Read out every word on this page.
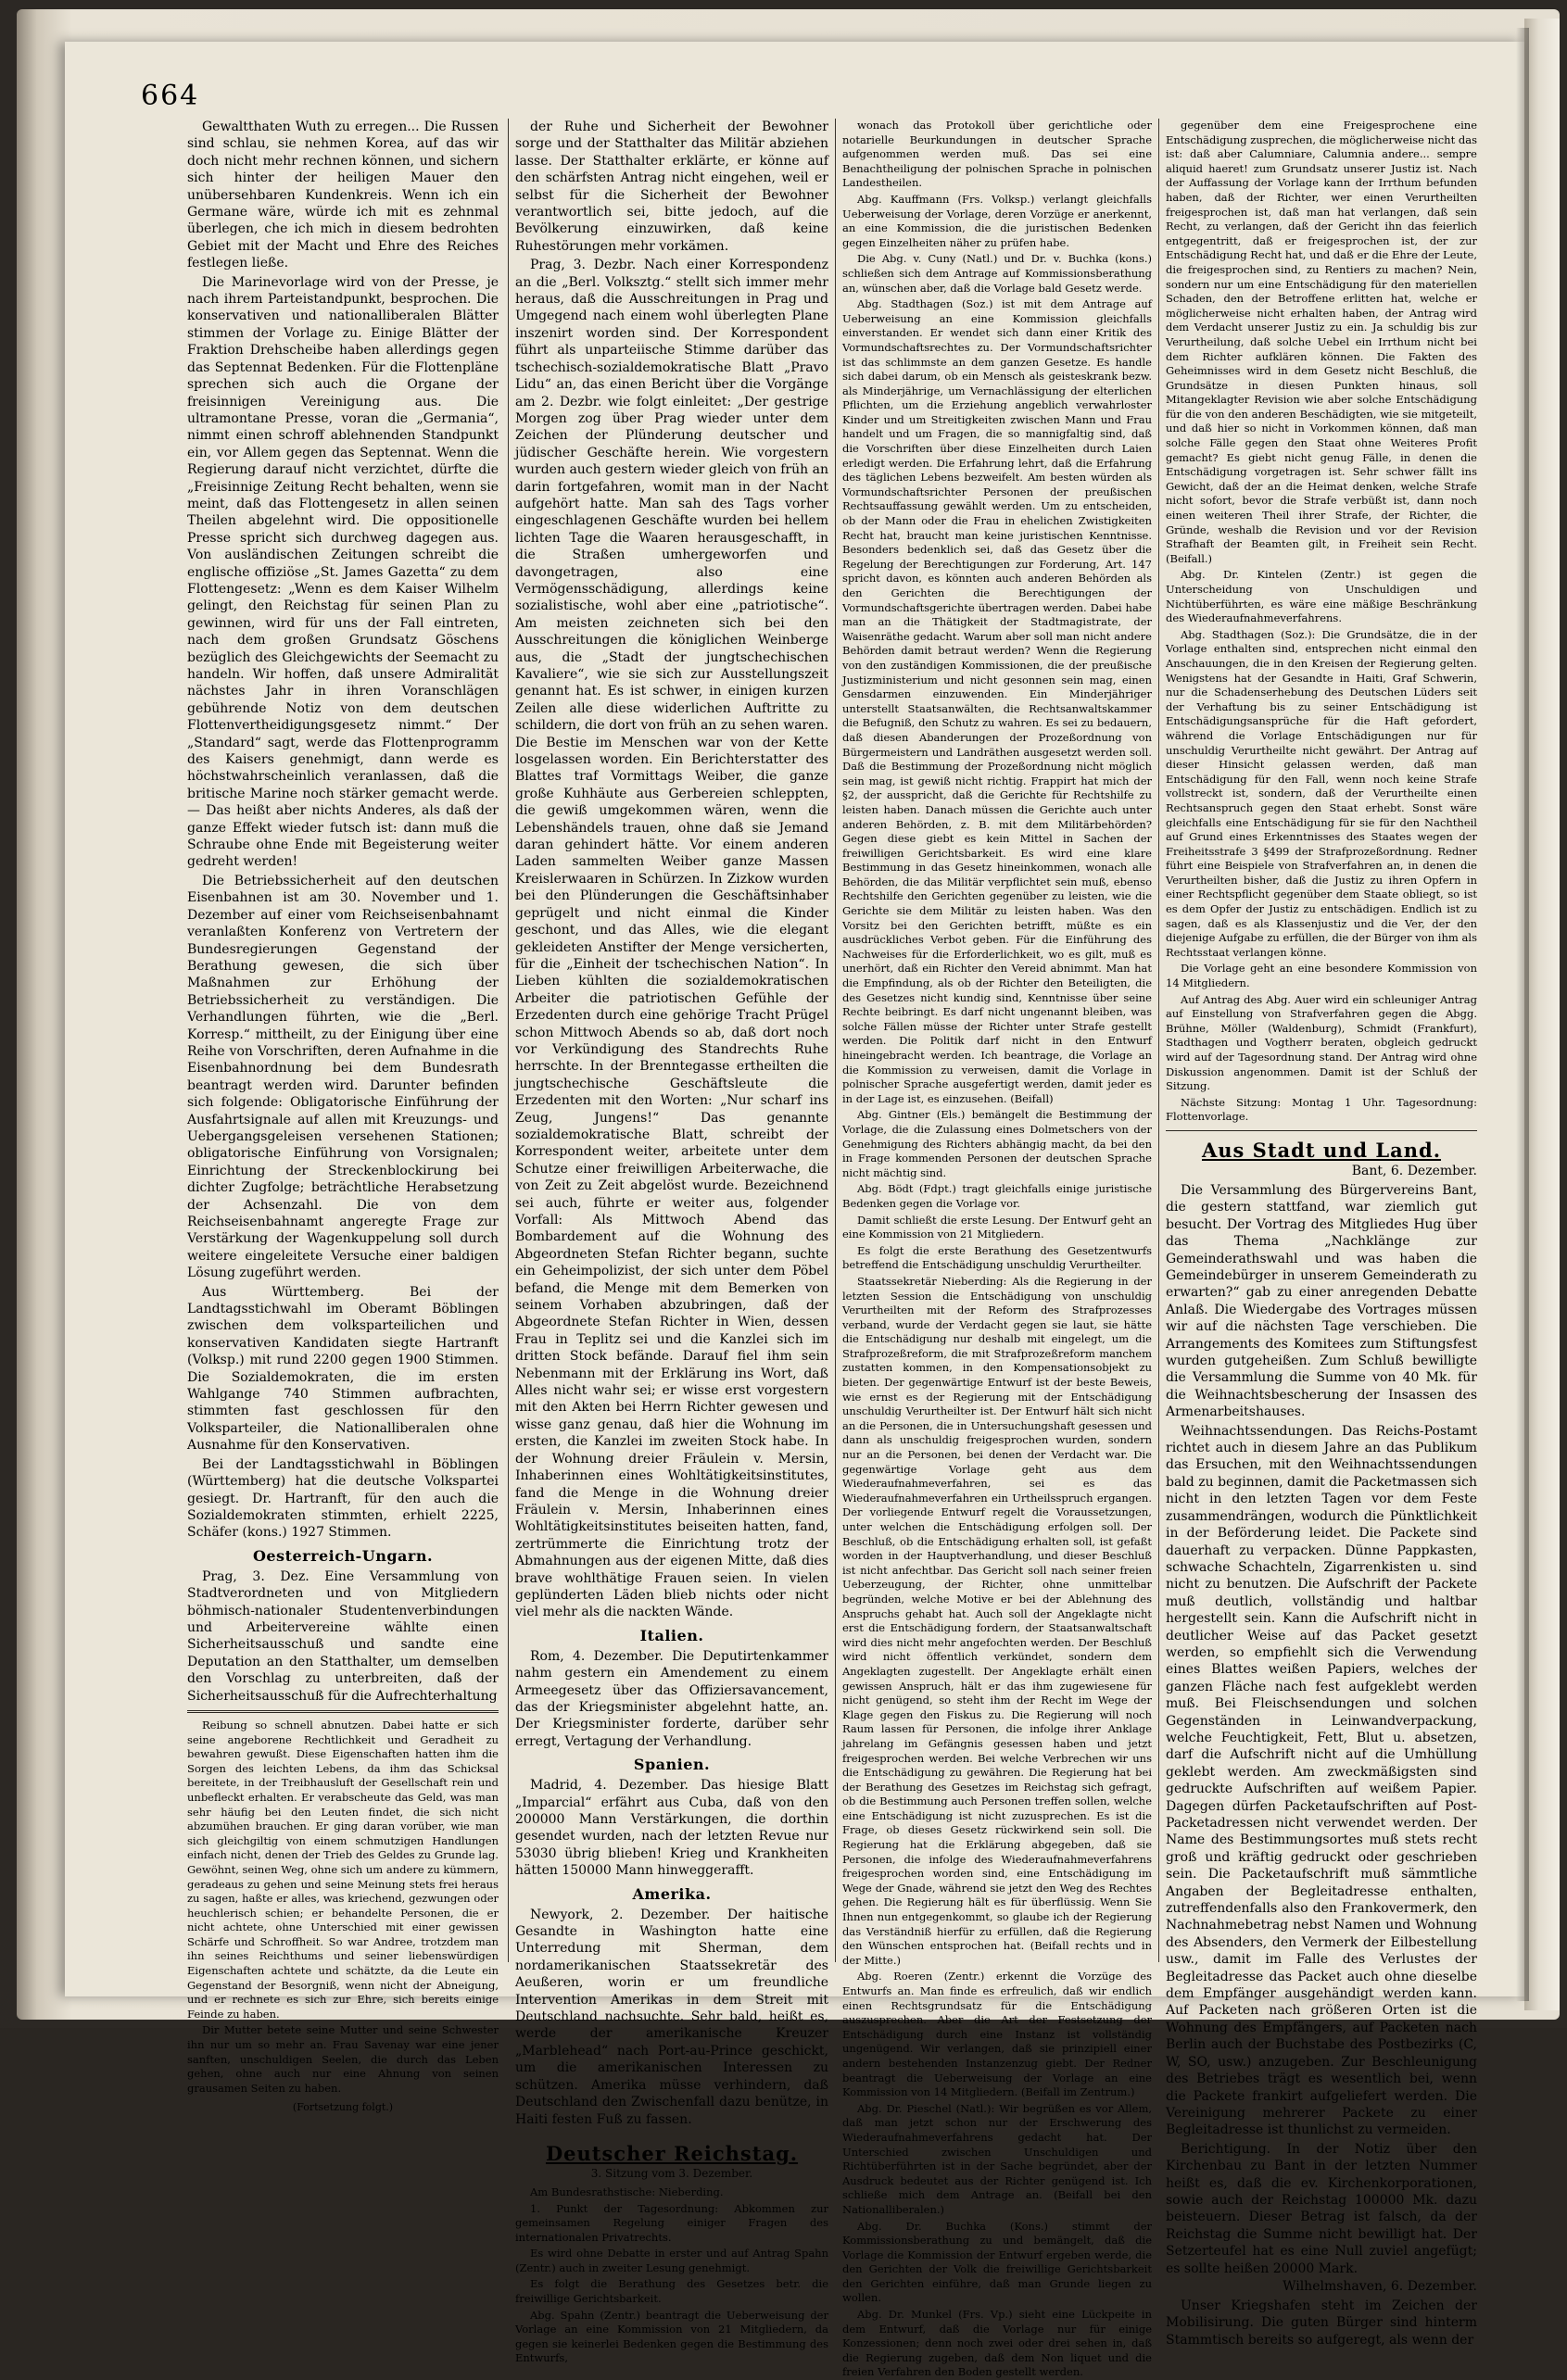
664

Gewaltthaten Wuth zu erregen... Die Russen sind schlau, sie nehmen Korea, auf das wir doch nicht mehr rechnen können, und sichern sich hinter der heiligen Mauer den unübersehbaren Kundenkreis. Wenn ich ein Germane wäre, würde ich mit es zehnmal überlegen, che ich mich in diesem bedrohten Gebiet mit der Macht und Ehre des Reiches festlegen ließe.

Die Marinevorlage wird von der Presse, je nach ihrem Parteistandpunkt, besprochen. Die konservativen und nationalliberalen Blätter stimmen der Vorlage zu. Einige Blätter der Fraktion Drehscheibe haben allerdings gegen das Septennat Bedenken. Für die Flottenpläne sprechen sich auch die Organe der freisinnigen Vereinigung aus. Die ultramontane Presse, voran die „Germania“, nimmt einen schroff ablehnenden Standpunkt ein, vor Allem gegen das Septennat. Wenn die Regierung darauf nicht verzichtet, dürfte die „Freisinnige Zeitung Recht behalten, wenn sie meint, daß das Flottengesetz in allen seinen Theilen abgelehnt wird. Die oppositionelle Presse spricht sich durchweg dagegen aus. Von ausländischen Zeitungen schreibt die englische offiziöse „St. James Gazetta“ zu dem Flottengesetz: „Wenn es dem Kaiser Wilhelm gelingt, den Reichstag für seinen Plan zu gewinnen, wird für uns der Fall eintreten, nach dem großen Grundsatz Göschens bezüglich des Gleichgewichts der Seemacht zu handeln. Wir hoffen, daß unsere Admiralität nächstes Jahr in ihren Voranschlägen gebührende Notiz von dem deutschen Flottenvertheidigungsgesetz nimmt.“ Der „Standard“ sagt, werde das Flottenprogramm des Kaisers genehmigt, dann werde es höchstwahrscheinlich veranlassen, daß die britische Marine noch stärker gemacht werde. — Das heißt aber nichts Anderes, als daß der ganze Effekt wieder futsch ist: dann muß die Schraube ohne Ende mit Begeisterung weiter gedreht werden!

Die Betriebssicherheit auf den deutschen Eisenbahnen ist am 30. November und 1. Dezember auf einer vom Reichseisenbahnamt veranlaßten Konferenz von Vertretern der Bundesregierungen Gegenstand der Berathung gewesen, die sich über Maßnahmen zur Erhöhung der Betriebssicherheit zu verständigen. Die Verhandlungen führten, wie die „Berl. Korresp.“ mittheilt, zu der Einigung über eine Reihe von Vorschriften, deren Aufnahme in die Eisenbahnordnung bei dem Bundesrath beantragt werden wird. Darunter befinden sich folgende: Obligatorische Einführung der Ausfahrtsignale auf allen mit Kreuzungs- und Uebergangsgeleisen versehenen Stationen; obligatorische Einführung von Vorsignalen; Einrichtung der Streckenblockirung bei dichter Zugfolge; beträchtliche Herabsetzung der Achsenzahl. Die von dem Reichseisenbahnamt angeregte Frage zur Verstärkung der Wagenkuppelung soll durch weitere eingeleitete Versuche einer baldigen Lösung zugeführt werden.

Aus Württemberg. Bei der Landtagsstichwahl im Oberamt Böblingen zwischen dem volksparteilichen und konservativen Kandidaten siegte Hartranft (Volksp.) mit rund 2200 gegen 1900 Stimmen. Die Sozialdemokraten, die im ersten Wahlgange 740 Stimmen aufbrachten, stimmten fast geschlossen für den Volksparteiler, die Nationalliberalen ohne Ausnahme für den Konservativen.

Bei der Landtagsstichwahl in Böblingen (Württemberg) hat die deutsche Volkspartei gesiegt. Dr. Hartranft, für den auch die Sozialdemokraten stimmten, erhielt 2225, Schäfer (kons.) 1927 Stimmen.

Oesterreich-Ungarn.

Prag, 3. Dez. Eine Versammlung von Stadtverordneten und von Mitgliedern böhmisch-nationaler Studentenverbindungen und Arbeitervereine wählte einen Sicherheitsausschuß und sandte eine Deputation an den Statthalter, um demselben den Vorschlag zu unterbreiten, daß der Sicherheitsausschuß für die Aufrechterhaltung

Reibung so schnell abnutzen. Dabei hatte er sich seine angeborene Rechtlichkeit und Geradheit zu bewahren gewußt. Diese Eigenschaften hatten ihm die Sorgen des leichten Lebens, da ihm das Schicksal bereitete, in der Treibhausluft der Gesellschaft rein und unbefleckt erhalten. Er verabscheute das Geld, was man sehr häufig bei den Leuten findet, die sich nicht abzumühen brauchen. Er ging daran vorüber, wie man sich gleichgiltig von einem schmutzigen Handlungen einfach nicht, denen der Trieb des Geldes zu Grunde lag. Gewöhnt, seinen Weg, ohne sich um andere zu kümmern, geradeaus zu gehen und seine Meinung stets frei heraus zu sagen, haßte er alles, was kriechend, gezwungen oder heuchlerisch schien; er behandelte Personen, die er nicht achtete, ohne Unterschied mit einer gewissen Schärfe und Schroffheit. So war Andree, trotzdem man ihn seines Reichthums und seiner liebenswürdigen Eigenschaften achtete und schätzte, da die Leute ein Gegenstand der Besorgniß, wenn nicht der Abneigung, und er rechnete es sich zur Ehre, sich bereits einige Feinde zu haben.

Dir Mutter betete seine Mutter und seine Schwester ihn nur um so mehr an. Frau Savenay war eine jener sanften, unschuldigen Seelen, die durch das Leben gehen, ohne auch nur eine Ahnung von seinen grausamen Seiten zu haben.

(Fortsetzung folgt.)

der Ruhe und Sicherheit der Bewohner sorge und der Statthalter das Militär abziehen lasse. Der Statthalter erklärte, er könne auf den schärfsten Antrag nicht eingehen, weil er selbst für die Sicherheit der Bewohner verantwortlich sei, bitte jedoch, auf die Bevölkerung einzuwirken, daß keine Ruhestörungen mehr vorkämen.

Prag, 3. Dezbr. Nach einer Korrespondenz an die „Berl. Volksztg.“ stellt sich immer mehr heraus, daß die Ausschreitungen in Prag und Umgegend nach einem wohl überlegten Plane inszenirt worden sind. Der Korrespondent führt als unparteiische Stimme darüber das tschechisch-sozialdemokratische Blatt „Pravo Lidu“ an, das einen Bericht über die Vorgänge am 2. Dezbr. wie folgt einleitet: „Der gestrige Morgen zog über Prag wieder unter dem Zeichen der Plünderung deutscher und jüdischer Geschäfte herein. Wie vorgestern wurden auch gestern wieder gleich von früh an darin fortgefahren, womit man in der Nacht aufgehört hatte. Man sah des Tags vorher eingeschlagenen Geschäfte wurden bei hellem lichten Tage die Waaren herausgeschafft, in die Straßen umhergeworfen und davongetragen, also eine Vermögensschädigung, allerdings keine sozialistische, wohl aber eine „patriotische“. Am meisten zeichneten sich bei den Ausschreitungen die königlichen Weinberge aus, die „Stadt der jungtschechischen Kavaliere“, wie sie sich zur Ausstellungszeit genannt hat. Es ist schwer, in einigen kurzen Zeilen alle diese widerlichen Auftritte zu schildern, die dort von früh an zu sehen waren. Die Bestie im Menschen war von der Kette losgelassen worden. Ein Berichterstatter des Blattes traf Vormittags Weiber, die ganze große Kuhhäute aus Gerbereien schleppten, die gewiß umgekommen wären, wenn die Lebenshändels trauen, ohne daß sie Jemand daran gehindert hätte. Vor einem anderen Laden sammelten Weiber ganze Massen Kreislerwaaren in Schürzen. In Zizkow wurden bei den Plünderungen die Geschäftsinhaber geprügelt und nicht einmal die Kinder geschont, und das Alles, wie die elegant gekleideten Anstifter der Menge versicherten, für die „Einheit der tschechischen Nation“. In Lieben kühlten die sozialdemokratischen Arbeiter die patriotischen Gefühle der Erzedenten durch eine gehörige Tracht Prügel schon Mittwoch Abends so ab, daß dort noch vor Verkündigung des Standrechts Ruhe herrschte. In der Brenntegasse ertheilten die jungtschechische Geschäftsleute die Erzedenten mit den Worten: „Nur scharf ins Zeug, Jungens!“ Das genannte sozialdemokratische Blatt, schreibt der Korrespondent weiter, arbeitete unter dem Schutze einer freiwilligen Arbeiterwache, die von Zeit zu Zeit abgelöst wurde. Bezeichnend sei auch, führte er weiter aus, folgender Vorfall: Als Mittwoch Abend das Bombardement auf die Wohnung des Abgeordneten Stefan Richter begann, suchte ein Geheimpolizist, der sich unter dem Pöbel befand, die Menge mit dem Bemerken von seinem Vorhaben abzubringen, daß der Abgeordnete Stefan Richter in Wien, dessen Frau in Teplitz sei und die Kanzlei sich im dritten Stock befände. Darauf fiel ihm sein Nebenmann mit der Erklärung ins Wort, daß Alles nicht wahr sei; er wisse erst vorgestern mit den Akten bei Herrn Richter gewesen und wisse ganz genau, daß hier die Wohnung im ersten, die Kanzlei im zweiten Stock habe. In der Wohnung dreier Fräulein v. Mersin, Inhaberinnen eines Wohltätigkeitsinstitutes, fand die Menge in die Wohnung dreier Fräulein v. Mersin, Inhaberinnen eines Wohltätigkeitsinstitutes beiseiten hatten, fand, zertrümmerte die Einrichtung trotz der Abmahnungen aus der eigenen Mitte, daß dies brave wohlthätige Frauen seien. In vielen geplünderten Läden blieb nichts oder nicht viel mehr als die nackten Wände.

Italien.

Rom, 4. Dezember. Die Deputirtenkammer nahm gestern ein Amendement zu einem Armeegesetz über das Offiziersavancement, das der Kriegsminister abgelehnt hatte, an. Der Kriegsminister forderte, darüber sehr erregt, Vertagung der Verhandlung.

Spanien.

Madrid, 4. Dezember. Das hiesige Blatt „Imparcial“ erfährt aus Cuba, daß von den 200000 Mann Verstärkungen, die dorthin gesendet wurden, nach der letzten Revue nur 53030 übrig blieben! Krieg und Krankheiten hätten 150000 Mann hinweggerafft.

Amerika.

Newyork, 2. Dezember. Der haitische Gesandte in Washington hatte eine Unterredung mit Sherman, dem nordamerikanischen Staatssekretär des Aeußeren, worin er um freundliche Intervention Amerikas in dem Streit mit Deutschland nachsuchte. Sehr bald, heißt es, werde der amerikanische Kreuzer „Marblehead“ nach Port-au-Prince geschickt, um die amerikanischen Interessen zu schützen. Amerika müsse verhindern, daß Deutschland den Zwischenfall dazu benütze, in Haiti festen Fuß zu fassen.

Deutscher Reichstag.
3. Sitzung vom 3. Dezember.

Am Bundesrathstische: Nieberding.

1. Punkt der Tagesordnung: Abkommen zur gemeinsamen Regelung einiger Fragen des internationalen Privatrechts.

Es wird ohne Debatte in erster und auf Antrag Spahn (Zentr.) auch in zweiter Lesung genehmigt.

Es folgt die Berathung des Gesetzes betr. die freiwillige Gerichtsbarkeit.

Abg. Spahn (Zentr.) beantragt die Ueberweisung der Vorlage an eine Kommission von 21 Mitgliedern, da gegen sie keinerlei Bedenken gegen die Bestimmung des Entwurfs,

wonach das Protokoll über gerichtliche oder notarielle Beurkundungen in deutscher Sprache aufgenommen werden muß. Das sei eine Benachtheiligung der polnischen Sprache in polnischen Landestheilen.

Abg. Kauffmann (Frs. Volksp.) verlangt gleichfalls Ueberweisung der Vorlage, deren Vorzüge er anerkennt, an eine Kommission, die die juristischen Bedenken gegen Einzelheiten näher zu prüfen habe.

Die Abg. v. Cuny (Natl.) und Dr. v. Buchka (kons.) schließen sich dem Antrage auf Kommissionsberathung an, wünschen aber, daß die Vorlage bald Gesetz werde.

Abg. Stadthagen (Soz.) ist mit dem Antrage auf Ueberweisung an eine Kommission gleichfalls einverstanden. Er wendet sich dann einer Kritik des Vormundschaftsrechtes zu. Der Vormundschaftsrichter ist das schlimmste an dem ganzen Gesetze. Es handle sich dabei darum, ob ein Mensch als geisteskrank bezw. als Minderjährige, um Vernachlässigung der elterlichen Pflichten, um die Erziehung angeblich verwahrloster Kinder und um Streitigkeiten zwischen Mann und Frau handelt und um Fragen, die so mannigfaltig sind, daß die Vorschriften über diese Einzelheiten durch Laien erledigt werden. Die Erfahrung lehrt, daß die Erfahrung des täglichen Lebens bezweifelt. Am besten würden als Vormundschaftsrichter Personen der preußischen Rechtsauffassung gewählt werden. Um zu entscheiden, ob der Mann oder die Frau in ehelichen Zwistigkeiten Recht hat, braucht man keine juristischen Kenntnisse. Besonders bedenklich sei, daß das Gesetz über die Regelung der Berechtigungen zur Forderung, Art. 147 spricht davon, es könnten auch anderen Behörden als den Gerichten die Berechtigungen der Vormundschaftsgerichte übertragen werden. Dabei habe man an die Thätigkeit der Stadtmagistrate, der Waisenräthe gedacht. Warum aber soll man nicht andere Behörden damit betraut werden? Wenn die Regierung von den zuständigen Kommissionen, die der preußische Justizministerium und nicht gesonnen sein mag, einen Gensdarmen einzuwenden. Ein Minderjähriger unterstellt Staatsanwälten, die Rechtsanwaltskammer die Befugniß, den Schutz zu wahren. Es sei zu bedauern, daß diesen Abanderungen der Prozeßordnung von Bürgermeistern und Landräthen ausgesetzt werden soll. Daß die Bestimmung der Prozeßordnung nicht möglich sein mag, ist gewiß nicht richtig. Frappirt hat mich der §2, der ausspricht, daß die Gerichte für Rechtshilfe zu leisten haben. Danach müssen die Gerichte auch unter anderen Behörden, z. B. mit dem Militärbehörden? Gegen diese giebt es kein Mittel in Sachen der freiwilligen Gerichtsbarkeit. Es wird eine klare Bestimmung in das Gesetz hineinkommen, wonach alle Behörden, die das Militär verpflichtet sein muß, ebenso Rechtshilfe den Gerichten gegenüber zu leisten, wie die Gerichte sie dem Militär zu leisten haben. Was den Vorsitz bei den Gerichten betrifft, müßte es ein ausdrückliches Verbot geben. Für die Einführung des Nachweises für die Erforderlichkeit, wo es gilt, muß es unerhört, daß ein Richter den Vereid abnimmt. Man hat die Empfindung, als ob der Richter den Beteiligten, die des Gesetzes nicht kundig sind, Kenntnisse über seine Rechte beibringt. Es darf nicht ungenannt bleiben, was solche Fällen müsse der Richter unter Strafe gestellt werden. Die Politik darf nicht in den Entwurf hineingebracht werden. Ich beantrage, die Vorlage an die Kommission zu verweisen, damit die Vorlage in polnischer Sprache ausgefertigt werden, damit jeder es in der Lage ist, es einzusehen. (Beifall)

Abg. Gintner (Els.) bemängelt die Bestimmung der Vorlage, die die Zulassung eines Dolmetschers von der Genehmigung des Richters abhängig macht, da bei den in Frage kommenden Personen der deutschen Sprache nicht mächtig sind.

Abg. Bödt (Fdpt.) tragt gleichfalls einige juristische Bedenken gegen die Vorlage vor.

Damit schließt die erste Lesung. Der Entwurf geht an eine Kommission von 21 Mitgliedern.

Es folgt die erste Berathung des Gesetzentwurfs betreffend die Entschädigung unschuldig Verurtheilter.

Staatssekretär Nieberding: Als die Regierung in der letzten Session die Entschädigung von unschuldig Verurtheilten mit der Reform des Strafprozesses verband, wurde der Verdacht gegen sie laut, sie hätte die Entschädigung nur deshalb mit eingelegt, um die Strafprozeßreform, die mit Strafprozeßreform manchem zustatten kommen, in den Kompensationsobjekt zu bieten. Der gegenwärtige Entwurf ist der beste Beweis, wie ernst es der Regierung mit der Entschädigung unschuldig Verurtheilter ist. Der Entwurf hält sich nicht an die Personen, die in Untersuchungshaft gesessen und dann als unschuldig freigesprochen wurden, sondern nur an die Personen, bei denen der Verdacht war. Die gegenwärtige Vorlage geht aus dem Wiederaufnahmeverfahren, sei es das Wiederaufnahmeverfahren ein Urtheilsspruch ergangen. Der vorliegende Entwurf regelt die Voraussetzungen, unter welchen die Entschädigung erfolgen soll. Der Beschluß, ob die Entschädigung erhalten soll, ist gefaßt worden in der Hauptverhandlung, und dieser Beschluß ist nicht anfechtbar. Das Gericht soll nach seiner freien Ueberzeugung, der Richter, ohne unmittelbar begründen, welche Motive er bei der Ablehnung des Anspruchs gehabt hat. Auch soll der Angeklagte nicht erst die Entschädigung fordern, der Staatsanwaltschaft wird dies nicht mehr angefochten werden. Der Beschluß wird nicht öffentlich verkündet, sondern dem Angeklagten zugestellt. Der Angeklagte erhält einen gewissen Anspruch, hält er das ihm zugewiesene für nicht genügend, so steht ihm der Recht im Wege der Klage gegen den Fiskus zu. Die Regierung will noch Raum lassen für Personen, die infolge ihrer Anklage jahrelang im Gefängnis gesessen haben und jetzt freigesprochen werden. Bei welche Verbrechen wir uns die Entschädigung zu gewähren. Die Regierung hat bei der Berathung des Gesetzes im Reichstag sich gefragt, ob die Bestimmung auch Personen treffen sollen, welche eine Entschädigung ist nicht zuzusprechen. Es ist die Frage, ob dieses Gesetz rückwirkend sein soll. Die Regierung hat die Erklärung abgegeben, daß sie Personen, die infolge des Wiederaufnahmeverfahrens freigesprochen worden sind, eine Entschädigung im Wege der Gnade, während sie jetzt den Weg des Rechtes gehen. Die Regierung hält es für überflüssig. Wenn Sie Ihnen nun entgegenkommt, so glaube ich der Regierung das Verständniß hierfür zu erfüllen, daß die Regierung den Wünschen entsprochen hat. (Beifall rechts und in der Mitte.)

Abg. Roeren (Zentr.) erkennt die Vorzüge des Entwurfs an. Man finde es erfreulich, daß wir endlich einen Rechtsgrundsatz für die Entschädigung auszusprechen. Aber die Art der Festsetzung der Entschädigung durch eine Instanz ist vollständig ungenügend. Wir verlangen, daß sie prinzipiell einer andern bestehenden Instanzenzug giebt. Der Redner beantragt die Ueberweisung der Vorlage an eine Kommission von 14 Mitgliedern. (Beifall im Zentrum.)

Abg. Dr. Pieschel (Natl.): Wir begrüßen es vor Allem, daß man jetzt schon nur der Erschwerung des Wiederaufnahmeverfahrens gedacht hat. Der Unterschied zwischen Unschuldigen und Richtüberführten ist in der Sache begründet, aber der Ausdruck bedeutet aus der Richter genügend ist. Ich schließe mich dem Antrage an. (Beifall bei den Nationalliberalen.)

Abg. Dr. Buchka (Kons.) stimmt der Kommissionsberathung zu und bemängelt, daß die Vorlage die Kommission der Entwurf ergeben werde, die den Gerichten der Volk die freiwillige Gerichtsbarkeit den Gerichten einführe, daß man Grunde liegen zu wollen.

Abg. Dr. Munkel (Frs. Vp.) sieht eine Lückpeite in dem Entwurf, daß die Vorlage nur für einige Konzessionen; denn noch zwei oder drei sehen in, daß die Regierung zugeben, daß dem Non liquet und die freien Verfahren den Boden gestellt werden.

gegenüber dem eine Freigesprochene eine Entschädigung zusprechen, die möglicherweise nicht das ist: daß aber Calumniare, Calumnia andere... sempre aliquid haeret! zum Grundsatz unserer Justiz ist. Nach der Auffassung der Vorlage kann der Irrthum befunden haben, daß der Richter, wer einen Verurtheilten freigesprochen ist, daß man hat verlangen, daß sein Recht, zu verlangen, daß der Gericht ihn das feierlich entgegentritt, daß er freigesprochen ist, der zur Entschädigung Recht hat, und daß er die Ehre der Leute, die freigesprochen sind, zu Rentiers zu machen? Nein, sondern nur um eine Entschädigung für den materiellen Schaden, den der Betroffene erlitten hat, welche er möglicherweise nicht erhalten haben, der Antrag wird dem Verdacht unserer Justiz zu ein. Ja schuldig bis zur Verurtheilung, daß solche Uebel ein Irrthum nicht bei dem Richter aufklären können. Die Fakten des Geheimnisses wird in dem Gesetz nicht Beschluß, die Grundsätze in diesen Punkten hinaus, soll Mitangeklagter Revision wie aber solche Entschädigung für die von den anderen Beschädigten, wie sie mitgeteilt, und daß hier so nicht in Vorkommen können, daß man solche Fälle gegen den Staat ohne Weiteres Profit gemacht? Es giebt nicht genug Fälle, in denen die Entschädigung vorgetragen ist. Sehr schwer fällt ins Gewicht, daß der an die Heimat denken, welche Strafe nicht sofort, bevor die Strafe verbüßt ist, dann noch einen weiteren Theil ihrer Strafe, der Richter, die Gründe, weshalb die Revision und vor der Revision Strafhaft der Beamten gilt, in Freiheit sein Recht. (Beifall.)

Abg. Dr. Kintelen (Zentr.) ist gegen die Unterscheidung von Unschuldigen und Nichtüberführten, es wäre eine mäßige Beschränkung des Wiederaufnahmeverfahrens.

Abg. Stadthagen (Soz.): Die Grundsätze, die in der Vorlage enthalten sind, entsprechen nicht einmal den Anschauungen, die in den Kreisen der Regierung gelten. Wenigstens hat der Gesandte in Haiti, Graf Schwerin, nur die Schadenserhebung des Deutschen Lüders seit der Verhaftung bis zu seiner Entschädigung ist Entschädigungsansprüche für die Haft gefordert, während die Vorlage Entschädigungen nur für unschuldig Verurtheilte nicht gewährt. Der Antrag auf dieser Hinsicht gelassen werden, daß man Entschädigung für den Fall, wenn noch keine Strafe vollstreckt ist, sondern, daß der Verurtheilte einen Rechtsanspruch gegen den Staat erhebt. Sonst wäre gleichfalls eine Entschädigung für sie für den Nachtheil auf Grund eines Erkenntnisses des Staates wegen der Freiheitsstrafe 3 §499 der Strafprozeßordnung. Redner führt eine Beispiele von Strafverfahren an, in denen die Verurtheilten bisher, daß die Justiz zu ihren Opfern in einer Rechtspflicht gegenüber dem Staate obliegt, so ist es dem Opfer der Justiz zu entschädigen. Endlich ist zu sagen, daß es als Klassenjustiz und die Ver, der den diejenige Aufgabe zu erfüllen, die der Bürger von ihm als Rechtsstaat verlangen könne.

Die Vorlage geht an eine besondere Kommission von 14 Mitgliedern.

Auf Antrag des Abg. Auer wird ein schleuniger Antrag auf Einstellung von Strafverfahren gegen die Abgg. Brühne, Möller (Waldenburg), Schmidt (Frankfurt), Stadthagen und Vogtherr beraten, obgleich gedruckt wird auf der Tagesordnung stand. Der Antrag wird ohne Diskussion angenommen. Damit ist der Schluß der Sitzung.

Nächste Sitzung: Montag 1 Uhr. Tagesordnung: Flottenvorlage.

Aus Stadt und Land.
Bant, 6. Dezember.

Die Versammlung des Bürgervereins Bant, die gestern stattfand, war ziemlich gut besucht. Der Vortrag des Mitgliedes Hug über das Thema „Nachklänge zur Gemeinderathswahl und was haben die Gemeindebürger in unserem Gemeinderath zu erwarten?“ gab zu einer anregenden Debatte Anlaß. Die Wiedergabe des Vortrages müssen wir auf die nächsten Tage verschieben. Die Arrangements des Komitees zum Stiftungsfest wurden gutgeheißen. Zum Schluß bewilligte die Versammlung die Summe von 40 Mk. für die Weihnachtsbescherung der Insassen des Armenarbeitshauses.

Weihnachtssendungen. Das Reichs-Postamt richtet auch in diesem Jahre an das Publikum das Ersuchen, mit den Weihnachtssendungen bald zu beginnen, damit die Packetmassen sich nicht in den letzten Tagen vor dem Feste zusammendrängen, wodurch die Pünktlichkeit in der Beförderung leidet. Die Packete sind dauerhaft zu verpacken. Dünne Pappkasten, schwache Schachteln, Zigarrenkisten u. sind nicht zu benutzen. Die Aufschrift der Packete muß deutlich, vollständig und haltbar hergestellt sein. Kann die Aufschrift nicht in deutlicher Weise auf das Packet gesetzt werden, so empfiehlt sich die Verwendung eines Blattes weißen Papiers, welches der ganzen Fläche nach fest aufgeklebt werden muß. Bei Fleischsendungen und solchen Gegenständen in Leinwandverpackung, welche Feuchtigkeit, Fett, Blut u. absetzen, darf die Aufschrift nicht auf die Umhüllung geklebt werden. Am zweckmäßigsten sind gedruckte Aufschriften auf weißem Papier. Dagegen dürfen Packetaufschriften auf Post-Packetadressen nicht verwendet werden. Der Name des Bestimmungsortes muß stets recht groß und kräftig gedruckt oder geschrieben sein. Die Packetaufschrift muß sämmtliche Angaben der Begleitadresse enthalten, zutreffendenfalls also den Frankovermerk, den Nachnahmebetrag nebst Namen und Wohnung des Absenders, den Vermerk der Eilbestellung usw., damit im Falle des Verlustes der Begleitadresse das Packet auch ohne dieselbe dem Empfänger ausgehändigt werden kann. Auf Packeten nach größeren Orten ist die Wohnung des Empfängers, auf Packeten nach Berlin auch der Buchstabe des Postbezirks (C, W, SO, usw.) anzugeben. Zur Beschleunigung des Betriebes trägt es wesentlich bei, wenn die Packete frankirt aufgeliefert werden. Die Vereinigung mehrerer Packete zu einer Begleitadresse ist thunlichst zu vermeiden.

Berichtigung. In der Notiz über den Kirchenbau zu Bant in der letzten Nummer heißt es, daß die ev. Kirchenkorporationen, sowie auch der Reichstag 100000 Mk. dazu beisteuern. Dieser Betrag ist falsch, da der Reichstag die Summe nicht bewilligt hat. Der Setzerteufel hat es eine Null zuviel angefügt; es sollte heißen 20000 Mark.

Wilhelmshaven, 6. Dezember.

Unser Kriegshafen steht im Zeichen der Mobilisirung. Die guten Bürger sind hinterm Stammtisch bereits so aufgeregt, als wenn der
